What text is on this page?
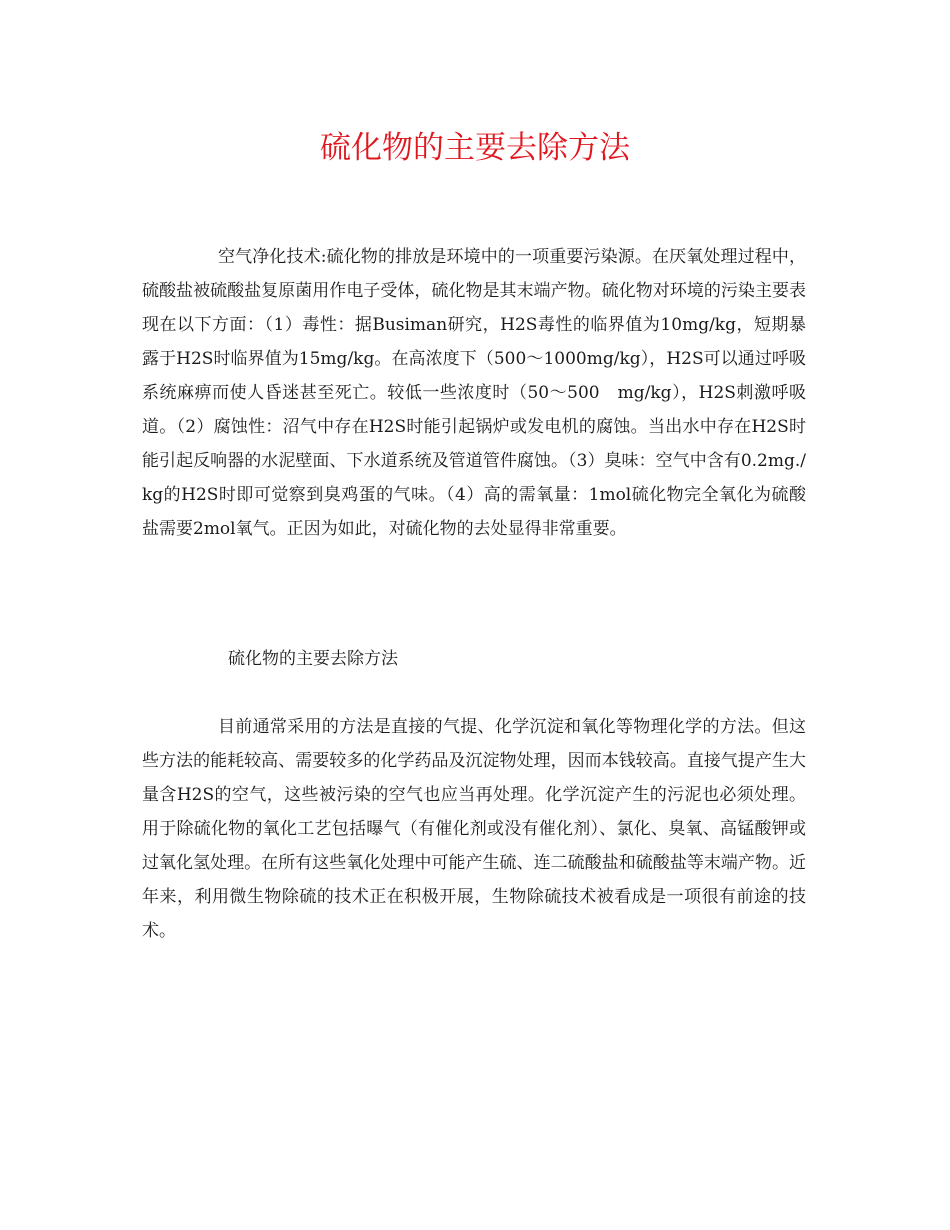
硫化物的主要去除方法

空气净化技术:硫化物的排放是环境中的一项重要污染源。在厌氧处理过程中，硫酸盐被硫酸盐复原菌用作电子受体，硫化物是其末端产物。硫化物对环境的污染主要表现在以下方面：（1）毒性：据Busiman研究，H2S毒性的临界值为10mg/kg，短期暴露于H2S时临界值为15mg/kg。在高浓度下（500～1000mg/kg），H2S可以通过呼吸系统麻痹而使人昏迷甚至死亡。较低一些浓度时（50～500　mg/kg），H2S刺激呼吸道。（2）腐蚀性：沼气中存在H2S时能引起锅炉或发电机的腐蚀。当出水中存在H2S时能引起反响器的水泥壁面、下水道系统及管道管件腐蚀。（3）臭味：空气中含有0.2mg./kg的H2S时即可觉察到臭鸡蛋的气味。（4）高的需氧量：1mol硫化物完全氧化为硫酸盐需要2mol氧气。正因为如此，对硫化物的去处显得非常重要。

硫化物的主要去除方法

目前通常采用的方法是直接的气提、化学沉淀和氧化等物理化学的方法。但这些方法的能耗较高、需要较多的化学药品及沉淀物处理，因而本钱较高。直接气提产生大量含H2S的空气，这些被污染的空气也应当再处理。化学沉淀产生的污泥也必须处理。用于除硫化物的氧化工艺包括曝气（有催化剂或没有催化剂）、氯化、臭氧、高锰酸钾或过氧化氢处理。在所有这些氧化处理中可能产生硫、连二硫酸盐和硫酸盐等末端产物。近年来，利用微生物除硫的技术正在积极开展，生物除硫技术被看成是一项很有前途的技术。
